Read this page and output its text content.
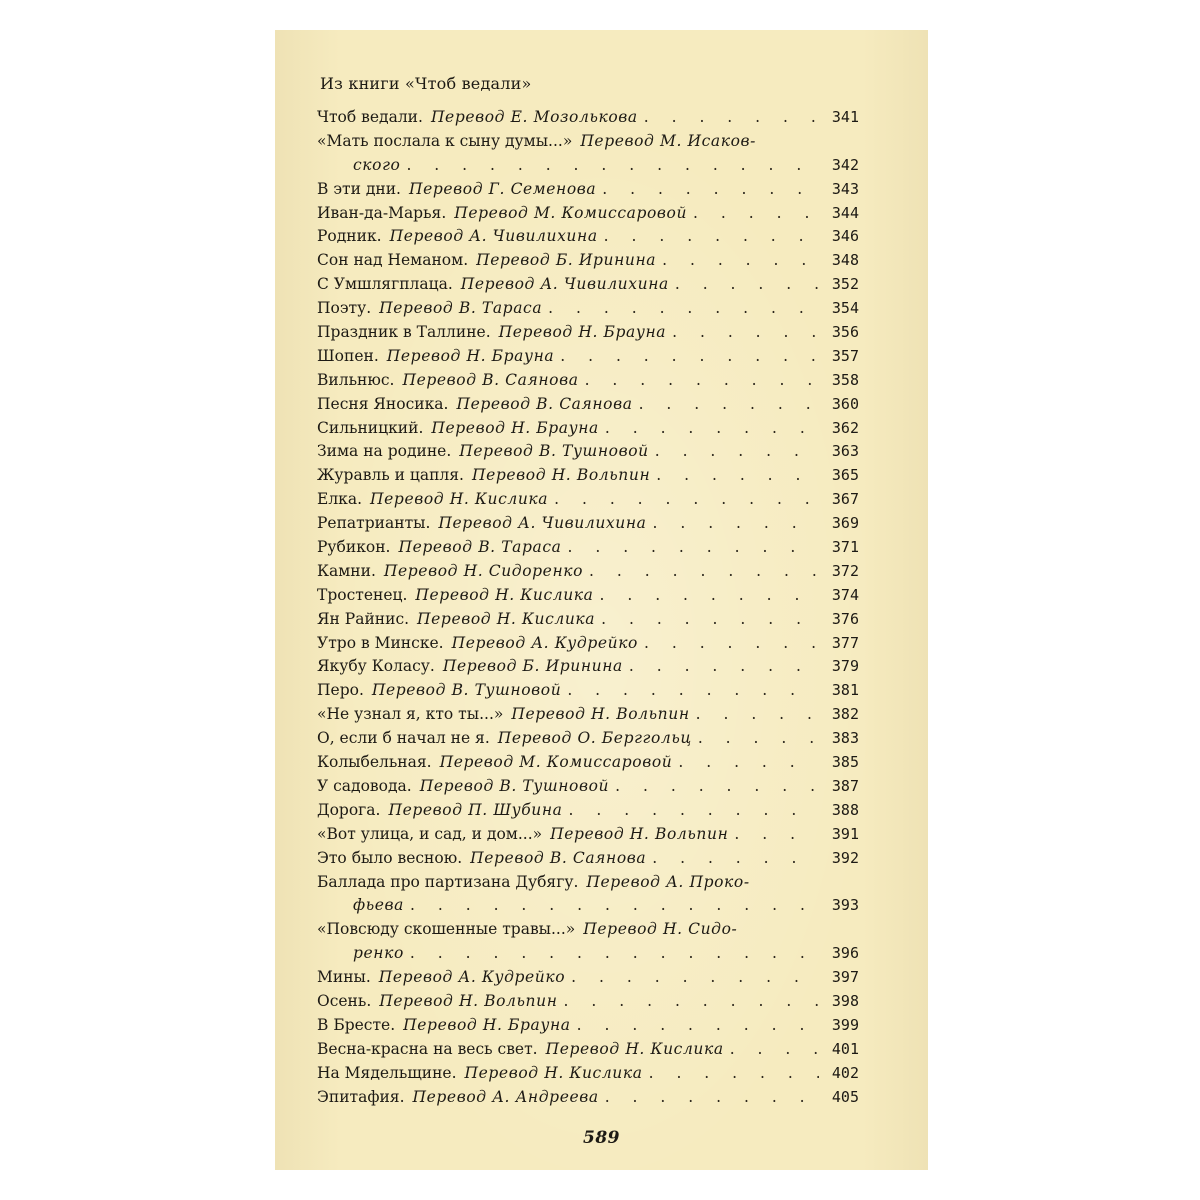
Из книги «Чтоб ведали»
Чтоб ведали. Перевод Е. Мозолькова . . .	341
«Мать послала к сыну думы...» Перевод М. Исаков-
ского . . .	342
В эти дни. Перевод Г. Семенова . . .	343
Иван-да-Марья. Перевод М. Комиссаровой . . .	344
Родник. Перевод А. Чивилихина . . .	346
Сон над Неманом. Перевод Б. Иринина . . .	348
С Умшлягплаца. Перевод А. Чивилихина . . .	352
Поэту. Перевод В. Тараса . . .	354
Праздник в Таллине. Перевод Н. Брауна . . .	356
Шопен. Перевод Н. Брауна . . .	357
Вильнюс. Перевод В. Саянова . . .	358
Песня Яносика. Перевод В. Саянова . . .	360
Сильницкий. Перевод Н. Брауна . . .	362
Зима на родине. Перевод В. Тушновой . . .	363
Журавль и цапля. Перевод Н. Вольпин . . .	365
Елка. Перевод Н. Кислика . . .	367
Репатрианты. Перевод А. Чивилихина . . .	369
Рубикон. Перевод В. Тараса . . .	371
Камни. Перевод Н. Сидоренко . . .	372
Тростенец. Перевод Н. Кислика . . .	374
Ян Райнис. Перевод Н. Кислика . . .	376
Утро в Минске. Перевод А. Кудрейко . . .	377
Якубу Коласу. Перевод Б. Иринина . . .	379
Перо. Перевод В. Тушновой . . .	381
«Не узнал я, кто ты...» Перевод Н. Вольпин . . .	382
О, если б начал не я. Перевод О. Берггольц . . .	383
Колыбельная. Перевод М. Комиссаровой . . .	385
У садовода. Перевод В. Тушновой . . .	387
Дорога. Перевод П. Шубина . . .	388
«Вот улица, и сад, и дом...» Перевод Н. Вольпин . . .	391
Это было весною. Перевод В. Саянова . . .	392
Баллада про партизана Дубягу. Перевод А. Проко-
фьева . . .	393
«Повсюду скошенные травы...» Перевод Н. Сидо-
ренко . . .	396
Мины. Перевод А. Кудрейко . . .	397
Осень. Перевод Н. Вольпин . . .	398
В Бресте. Перевод Н. Брауна . . .	399
Весна-красна на весь свет. Перевод Н. Кислика . . .	401
На Мядельщине. Перевод Н. Кислика . . .	402
Эпитафия. Перевод А. Андреева . . .	405
589
